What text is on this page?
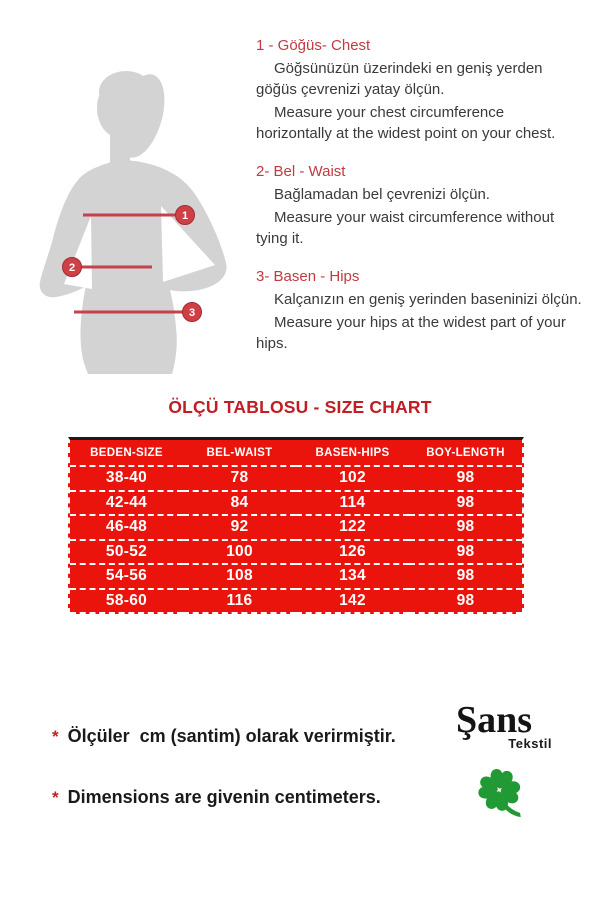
1
2
3

1 - Göğüs- Chest

Göğsünüzün üzerindeki en geniş yerden göğüs çevrenizi yatay ölçün.

Measure your chest circumference horizontally at the widest point on your chest.

2- Bel - Waist

Bağlamadan bel çevrenizi ölçün.

Measure your waist circumference without tying it.

3- Basen - Hips

Kalçanızın en geniş yerinden baseninizi ölçün.

Measure your hips at the widest part of your hips.

ÖLÇÜ TABLOSU - SIZE CHART
BEDEN-SIZE	BEL-WAIST	BASEN-HIPS	BOY-LENGTH
38-40	78	102	98
42-44	84	114	98
46-48	92	122	98
50-52	100	126	98
54-56	108	134	98
58-60	116	142	98
* Ölçüler  cm (santim) olarak verirmiştir.
* Dimensions are givenin centimeters.
Şans
Tekstil
